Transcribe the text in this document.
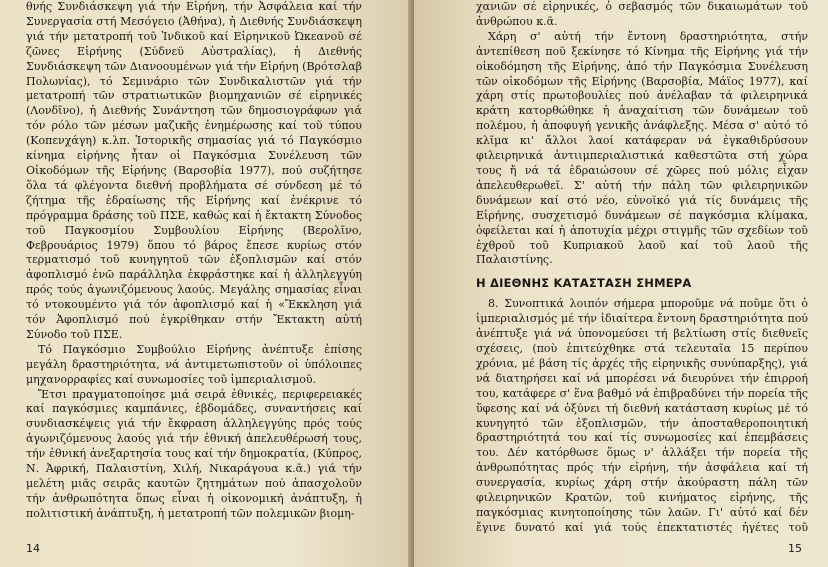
θνής Συνδιάσκεψη γιά τήν Εἰρήνη, τήν Ἀσφάλεια καί τήν Συνεργασία στή Μεσόγειο (Ἀθήνα), ἡ Διεθνής Συνδιάσκεψη γιά τήν μετατροπή τοῦ Ἰνδικοῦ καί Εἰρηνικοῦ Ὠκεανοῦ σέ ζῶνες Εἰρήνης (Σύδνεϋ Αὐστραλίας), ἡ Διεθνής Συνδιάσκεψη τῶν Διανοουμένων γιά τήν Εἰρήνη (Βρότσλαβ Πολωνίας), τό Σεμινάριο τῶν Συνδικαλιστῶν γιά τήν μετατροπή τῶν στρατιωτικῶν βιομηχανιῶν σέ εἰρηνικές (Λονδῖνο), ἡ Διεθνής Συνάντηση τῶν δημοσιογράφων γιά τόν ρόλο τῶν μέσων μαζικῆς ἐνημέρωσης καί τοῦ τύπου (Κοπενχάγη) κ.λπ. Ἱστορικῆς σημασίας γιά τό Παγκόσμιο κίνημα εἰρήνης ἦταν οἱ Παγκόσμια Συνέλευση τῶν Οἰκοδόμων τῆς Εἰρήνης (Βαρσοβία 1977), πού συζήτησε ὅλα τά φλέγοντα διεθνή προβλήματα σέ σύνδεση μέ τό ζήτημα τῆς ἑδραίωσης τῆς Εἰρήνης καί ἐνέκρινε τό πρόγραμμα δράσης τοῦ ΠΣΕ, καθώς καί ἡ ἔκτακτη Σύνοδος τοῦ Παγκοσμίου Συμβουλίου Εἰρήνης (Βερολῖνο, Φεβρουάριος 1979) ὅπου τό βάρος ἔπεσε κυρίως στόν τερματισμό τοῦ κυνηγητοῦ τῶν ἐξοπλισμῶν καί στόν ἀφοπλισμό ἐνῶ παράλληλα ἐκφράστηκε καί ἡ ἀλληλεγγύη πρός τούς ἀγωνιζόμενους λαούς. Μεγάλης σημασίας εἶναι τό ντοκουμέντο γιά τόν ἀφοπλισμό καί ἡ «Ἔκκληση γιά τόν Ἀφοπλισμό πού ἐγκρίθηκαν στήν Ἔκτακτη αὐτή Σύνοδο τοῦ ΠΣΕ.

Τό Παγκόσμιο Συμβούλιο Εἰρήνης ἀνέπτυξε ἐπίσης μεγάλη δραστηριότητα, νά ἀντιμετωπιστοῦν οἱ ὑπόλοιπες μηχανορραφίες καί συνωμοσίες τοῦ ἰμπεριαλισμοῦ.

Ἔτσι πραγματοποίησε μιά σειρά ἐθνικές, περιφερειακές καί παγκόσμιες καμπάνιες, ἑβδομάδες, συναντήσεις καί συνδιασκέψεις γιά τήν ἔκφραση ἀλληλεγγύης πρός τούς ἀγωνιζόμενους λαούς γιά τήν ἐθνική ἀπελευθέρωσή τους, τήν ἐθνική ἀνεξαρτησία τους καί τήν δημοκρατία, (Κύπρος, Ν. Ἀφρική, Παλαιστίνη, Χιλή, Νικαράγουα κ.ᾶ.) γιά τήν μελέτη μιᾶς σειρᾶς καυτῶν ζητημάτων πού ἀπασχολοῦν τήν ἀνθρωπότητα ὅπως εἶναι ἡ οἰκονομική ἀνάπτυξη, ἡ πολιτιστική ἀνάπτυξη, ἡ μετατροπή τῶν πολεμικῶν βιομη-

14

χανιῶν σέ εἰρηνικές, ὁ σεβασμός τῶν δικαιωμάτων τοῦ ἀνθρώπου κ.ᾶ.

Χάρη σ' αὐτή τήν ἔντονη δραστηριότητα, στήν ἀντεπίθεση ποῦ ξεκίνησε τό Κίνημα τῆς Εἰρήνης γιά τήν οἰκοδόμηση τῆς Εἰρήνης, ἀπό τήν Παγκόσμια Συνέλευση τῶν οἰκοδόμων τῆς Εἰρήνης (Βαρσοβία, Μάϊος 1977), καί χάρη στίς πρωτοβουλίες πού ἀνέλαβαν τά φιλειρηνικά κράτη κατορθώθηκε ἡ ἀναχαίτιση τῶν δυνάμεων τοῦ πολέμου, ἡ ἀποφυγή γενικῆς ἀνάφλεξης. Μέσα σ' αὐτό τό κλῖμα κι' ἄλλοι λαοί κατάφεραν νά ἐγκαθιδρύσουν φιλειρηνικά ἀντιιμπεριαλιστικά καθεστῶτα στή χώρα τους ἤ νά τά ἑδραιώσουν σέ χῶρες πού μόλις εἶχαν ἀπελευθερωθεῖ. Σ' αὐτή τήν πάλη τῶν φιλειρηνικῶν δυνάμεων καί στό νέο, εὐνοϊκό γιά τίς δυνάμεις τῆς Εἰρήνης, συσχετισμό δυνάμεων σέ παγκόσμια κλίμακα, ὀφείλεται καί ἡ ἀποτυχία μέχρι στιγμῆς τῶν σχεδίων τοῦ ἐχθροῦ τοῦ Κυπριακοῦ λαοῦ καί τοῦ λαοῦ τῆς Παλαιστίνης.

Η ΔΙΕΘΝΗΣ ΚΑΤΑΣΤΑΣΗ ΣΗΜΕΡΑ

8. Συνοπτικά λοιπόν σήμερα μποροῦμε νά ποῦμε ὅτι ὁ ἰμπεριαλισμός μέ τήν ἰδιαίτερα ἔντονη δραστηριότητα πού ἀνέπτυξε γιά νά ὑπονομεύσει τή βελτίωση στίς διεθνεῖς σχέσεις, (ποὺ ἐπιτεύχθηκε στά τελευταῖα 15 περίπου χρόνια, μέ βάση τίς ἀρχές τῆς εἰρηνικῆς συνύπαρξης), γιά νά διατηρήσει καί νά μπορέσει νά διευρύνει τήν ἐπιρροή του, κατάφερε σ' ἕνα βαθμό νά ἐπιβραδύνει τήν πορεία τῆς ὕφεσης καί νά ὀξύνει τή διεθνή κατάσταση κυρίως μέ τό κυνηγητό τῶν ἐξοπλισμῶν, τήν ἀποσταθεροποιητική δραστηριότητά του καί τίς συνωμοσίες καί ἐπεμβάσεις του. Δέν κατόρθωσε ὅμως ν' ἀλλάξει τήν πορεία τῆς ἀνθρωπότητας πρός τήν εἰρήνη, τήν ἀσφάλεια καί τή συνεργασία, κυρίως χάρη στήν ἀκούραστη πάλη τῶν φιλειρηνικῶν Κρατῶν, τοῦ κινήματος εἰρήνης, τῆς παγκόσμιας κινητοποίησης τῶν λαῶν. Γι' αὐτό καί δέν ἔγινε δυνατό καί γιά τούς ἐπεκτατιστές ἡγέτες τοῦ

15
